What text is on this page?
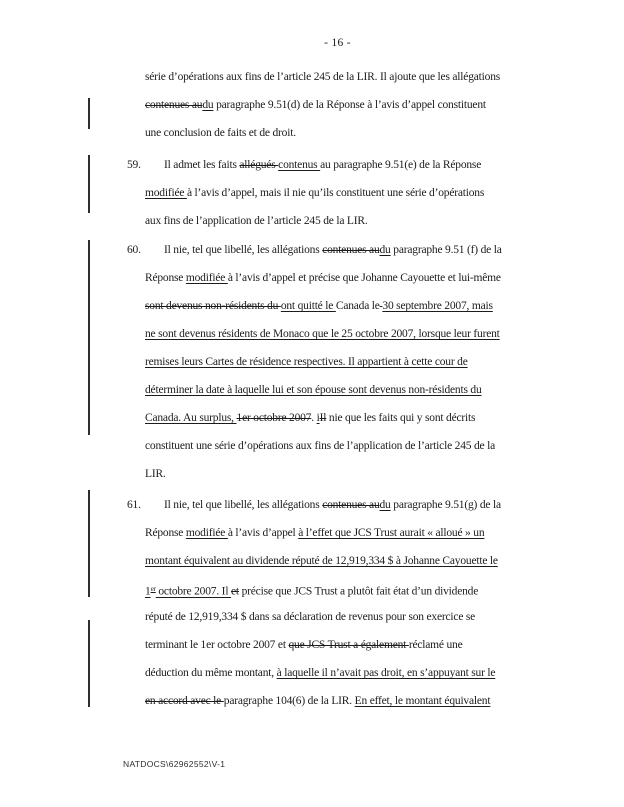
- 16 -
série d’opérations aux fins de l’article 245 de la LIR. Il ajoute que les allégations
contenues audu paragraphe 9.51(d) de la Réponse à l’avis d’appel constituent
une conclusion de faits et de droit.
59. Il admet les faits allégués contenus au paragraphe 9.51(e) de la Réponse
modifiée à l’avis d’appel, mais il nie qu’ils constituent une série d’opérations
aux fins de l’application de l’article 245 de la LIR.
60. Il nie, tel que libellé, les allégations contenues audu paragraphe 9.51 (f) de la
Réponse modifiée à l’avis d’appel et précise que Johanne Cayouette et lui-même
sont devenus non-résidents du ont quitté le Canada le 30 septembre 2007, mais
ne sont devenus résidents de Monaco que le 25 octobre 2007, lorsque leur furent
remises leurs Cartes de résidence respectives. Il appartient à cette cour de
déterminer la date à laquelle lui et son épouse sont devenus non-résidents du
Canada. Au surplus, 1er octobre 2007. iIl nie que les faits qui y sont décrits
constituent une série d’opérations aux fins de l’application de l’article 245 de la
LIR.
61. Il nie, tel que libellé, les allégations contenues audu paragraphe 9.51(g) de la
Réponse modifiée à l’avis d’appel à l’effet que JCS Trust aurait « alloué » un
montant équivalent au dividende réputé de 12,919,334 $ à Johanne Cayouette le
1er octobre 2007. Il et précise que JCS Trust a plutôt fait état d’un dividende
réputé de 12,919,334 $ dans sa déclaration de revenus pour son exercice se
terminant le 1er octobre 2007 et que JCS Trust a également réclamé une
déduction du même montant, à laquelle il n’avait pas droit, en s’appuyant sur le
en accord avec le paragraphe 104(6) de la LIR. En effet, le montant équivalent
NATDOCS\62962552\V-1
